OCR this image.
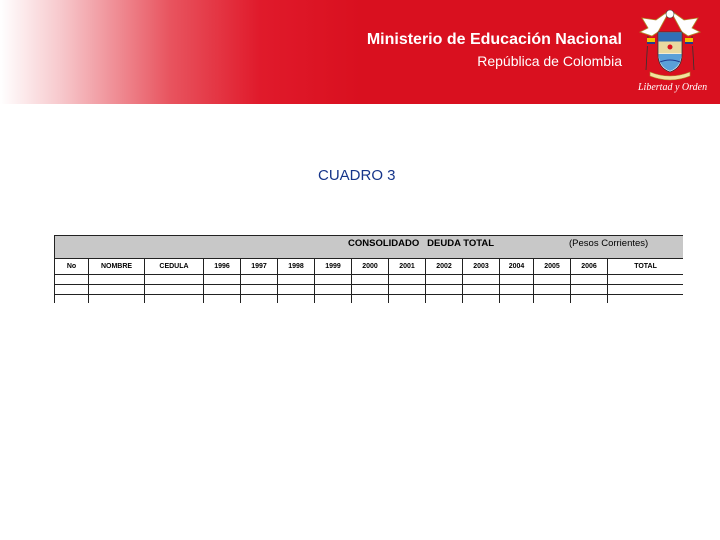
Ministerio de Educación Nacional
República de Colombia
Libertad y Orden
CUADRO 3
CONSOLIDADO   DEUDA TOTAL (Pesos Corrientes)														

No	NOMBRE	CEDULA	1996	1997	1998	1999	2000	2001	2002	2003	2004	2005	2006	TOTAL
